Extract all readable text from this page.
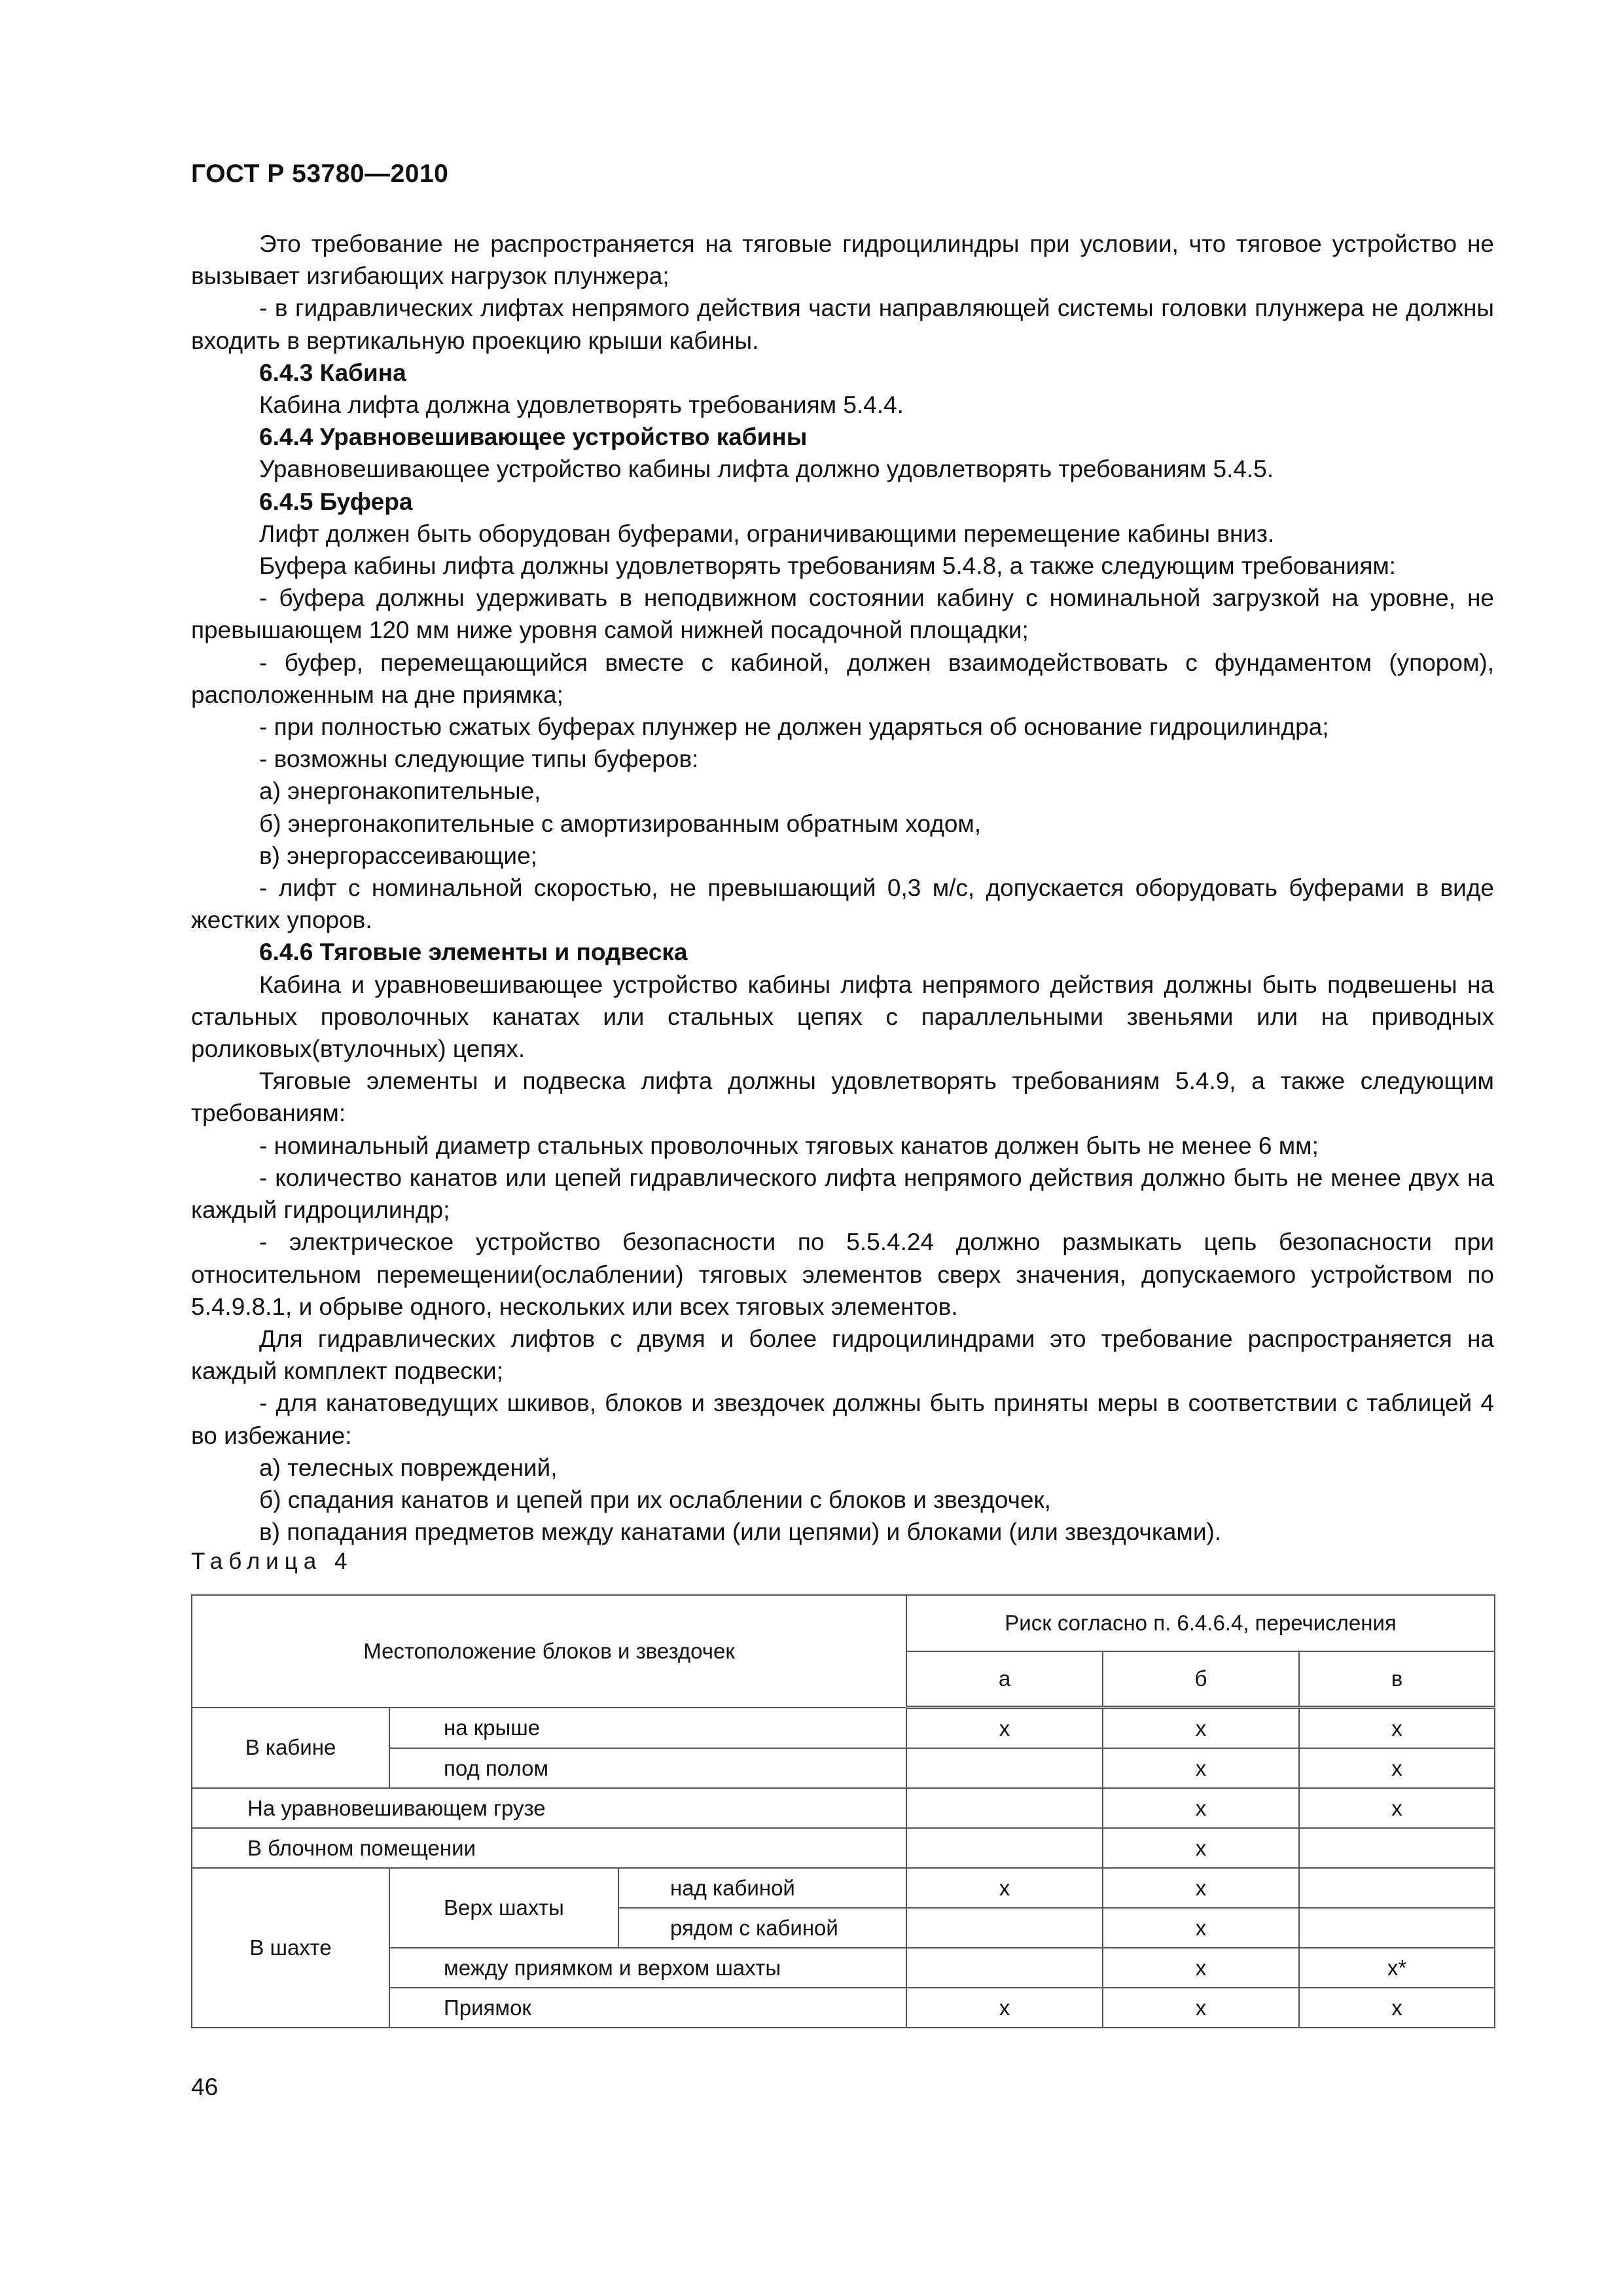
ГОСТ Р 53780—2010

Это требование не распространяется на тяговые гидроцилиндры при условии, что тяговое устройство не вызывает изгибающих нагрузок плунжера;

- в гидравлических лифтах непрямого действия части направляющей системы головки плунжера не должны входить в вертикальную проекцию крыши кабины.

6.4.3 Кабина

Кабина лифта должна удовлетворять требованиям 5.4.4.

6.4.4 Уравновешивающее устройство кабины

Уравновешивающее устройство кабины лифта должно удовлетворять требованиям 5.4.5.

6.4.5 Буфера

Лифт должен быть оборудован буферами, ограничивающими перемещение кабины вниз.

Буфера кабины лифта должны удовлетворять требованиям 5.4.8, а также следующим требованиям:

- буфера должны удерживать в неподвижном состоянии кабину с номинальной загрузкой на уровне, не превышающем 120 мм ниже уровня самой нижней посадочной площадки;

- буфер, перемещающийся вместе с кабиной, должен взаимодействовать с фундаментом (упором), расположенным на дне приямка;

- при полностью сжатых буферах плунжер не должен ударяться об основание гидроцилиндра;

- возможны следующие типы буферов:

а) энергонакопительные,

б) энергонакопительные с амортизированным обратным ходом,

в) энергорассеивающие;

- лифт с номинальной скоростью, не превышающий 0,3 м/с, допускается оборудовать буферами в виде жестких упоров.

6.4.6 Тяговые элементы и подвеска

Кабина и уравновешивающее устройство кабины лифта непрямого действия должны быть подвешены на стальных проволочных канатах или стальных цепях с параллельными звеньями или на приводных роликовых(втулочных) цепях.

Тяговые элементы и подвеска лифта должны удовлетворять требованиям 5.4.9, а также следующим требованиям:

- номинальный диаметр стальных проволочных тяговых канатов должен быть не менее 6 мм;

- количество канатов или цепей гидравлического лифта непрямого действия должно быть не менее двух на каждый гидроцилиндр;

- электрическое устройство безопасности по 5.5.4.24 должно размыкать цепь безопасности при относительном перемещении(ослаблении) тяговых элементов сверх значения, допускаемого устройством по 5.4.9.8.1, и обрыве одного, нескольких или всех тяговых элементов.

Для гидравлических лифтов с двумя и более гидроцилиндрами это требование распространяется на каждый комплект подвески;

- для канатоведущих шкивов, блоков и звездочек должны быть приняты меры в соответствии с таблицей 4 во избежание:

а) телесных повреждений,

б) спадания канатов и цепей при их ослаблении с блоков и звездочек,

в) попадания предметов между канатами (или цепями) и блоками (или звездочками).

Таблица 4
Местоположение блоков и звездочек			Риск согласно п. 6.4.6.4, перечисления		
			а	б	в
В кабине	на крыше		х	х	х
	под полом			х	х
На уравновешивающем грузе				х	х
В блочном помещении				х	
В шахте	Верх шахты	над кабиной	х	х	
		рядом с кабиной		х	
	между приямком и верхом шахты			х	х*
	Приямок		х	х	х
46
